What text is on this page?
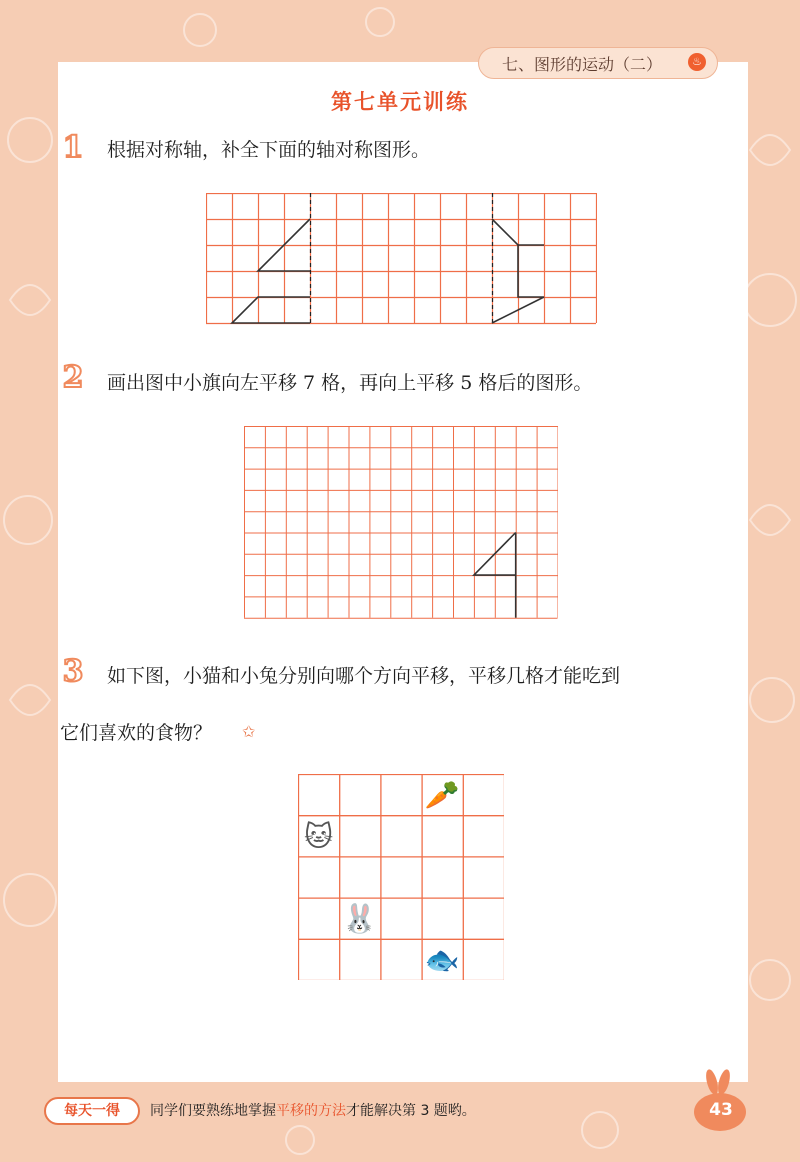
七、图形的运动（二）	♨
第七单元训练
1 根据对称轴，补全下面的轴对称图形。
2 画出图中小旗向左平移 7 格，再向上平移 5 格后的图形。
3 如下图，小猫和小兔分别向哪个方向平移，平移几格才能吃到
它们喜欢的食物？ ✩
🥕
🐱
🐰
🐟
每天一得	同学们要熟练地掌握平移的方法才能解决第 3 题哟。	43
